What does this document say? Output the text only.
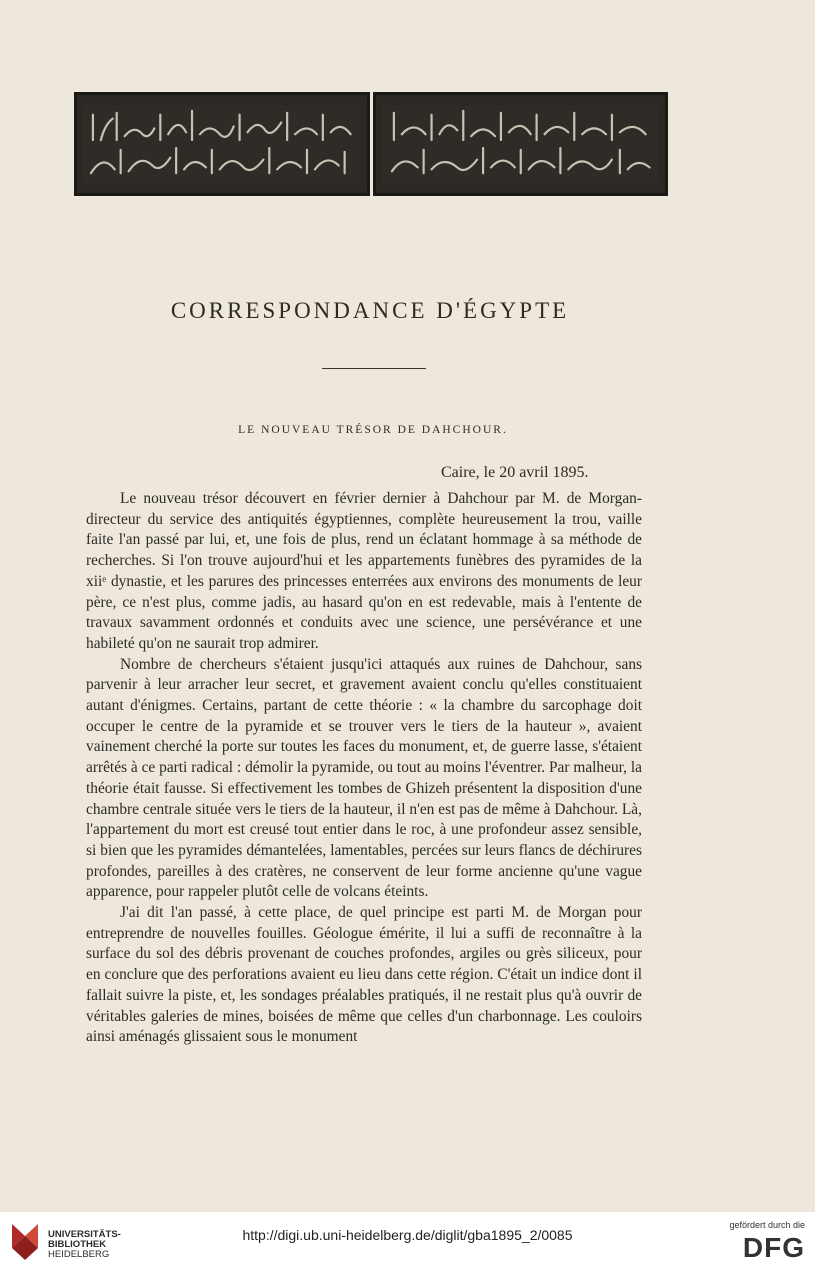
CORRESPONDANCE D'ÉGYPTE
LE NOUVEAU TRÉSOR DE DAHCHOUR.
Caire, le 20 avril 1895.

Le nouveau trésor découvert en février dernier à Dahchour par M. de Morgan-directeur du service des antiquités égyptiennes, complète heureusement la trou, vaille faite l'an passé par lui, et, une fois de plus, rend un éclatant hommage à sa méthode de recherches. Si l'on trouve aujourd'hui et les appartements funèbres des pyramides de la xiiᵉ dynastie, et les parures des princesses enterrées aux environs des monuments de leur père, ce n'est plus, comme jadis, au hasard qu'on en est redevable, mais à l'entente de travaux savamment ordonnés et conduits avec une science, une persévérance et une habileté qu'on ne saurait trop admirer.

Nombre de chercheurs s'étaient jusqu'ici attaqués aux ruines de Dahchour, sans parvenir à leur arracher leur secret, et gravement avaient conclu qu'elles constituaient autant d'énigmes. Certains, partant de cette théorie : « la chambre du sarcophage doit occuper le centre de la pyramide et se trouver vers le tiers de la hauteur », avaient vainement cherché la porte sur toutes les faces du monument, et, de guerre lasse, s'étaient arrêtés à ce parti radical : démolir la pyramide, ou tout au moins l'éventrer. Par malheur, la théorie était fausse. Si effectivement les tombes de Ghizeh présentent la disposition d'une chambre centrale située vers le tiers de la hauteur, il n'en est pas de même à Dahchour. Là, l'appartement du mort est creusé tout entier dans le roc, à une profondeur assez sensible, si bien que les pyramides démantelées, lamentables, percées sur leurs flancs de déchirures profondes, pareilles à des cratères, ne conservent de leur forme ancienne qu'une vague apparence, pour rappeler plutôt celle de volcans éteints.

J'ai dit l'an passé, à cette place, de quel principe est parti M. de Morgan pour entreprendre de nouvelles fouilles. Géologue émérite, il lui a suffi de reconnaître à la surface du sol des débris provenant de couches profondes, argiles ou grès siliceux, pour en conclure que des perforations avaient eu lieu dans cette région. C'était un indice dont il fallait suivre la piste, et, les sondages préalables pratiqués, il ne restait plus qu'à ouvrir de véritables galeries de mines, boisées de même que celles d'un charbonnage. Les couloirs ainsi aménagés glissaient sous le monument

UNIVERSITÄTS-
BIBLIOTHEK
HEIDELBERG
gefördert durch die
DFG
http://digi.ub.uni-heidelberg.de/diglit/gba1895_2/0085
